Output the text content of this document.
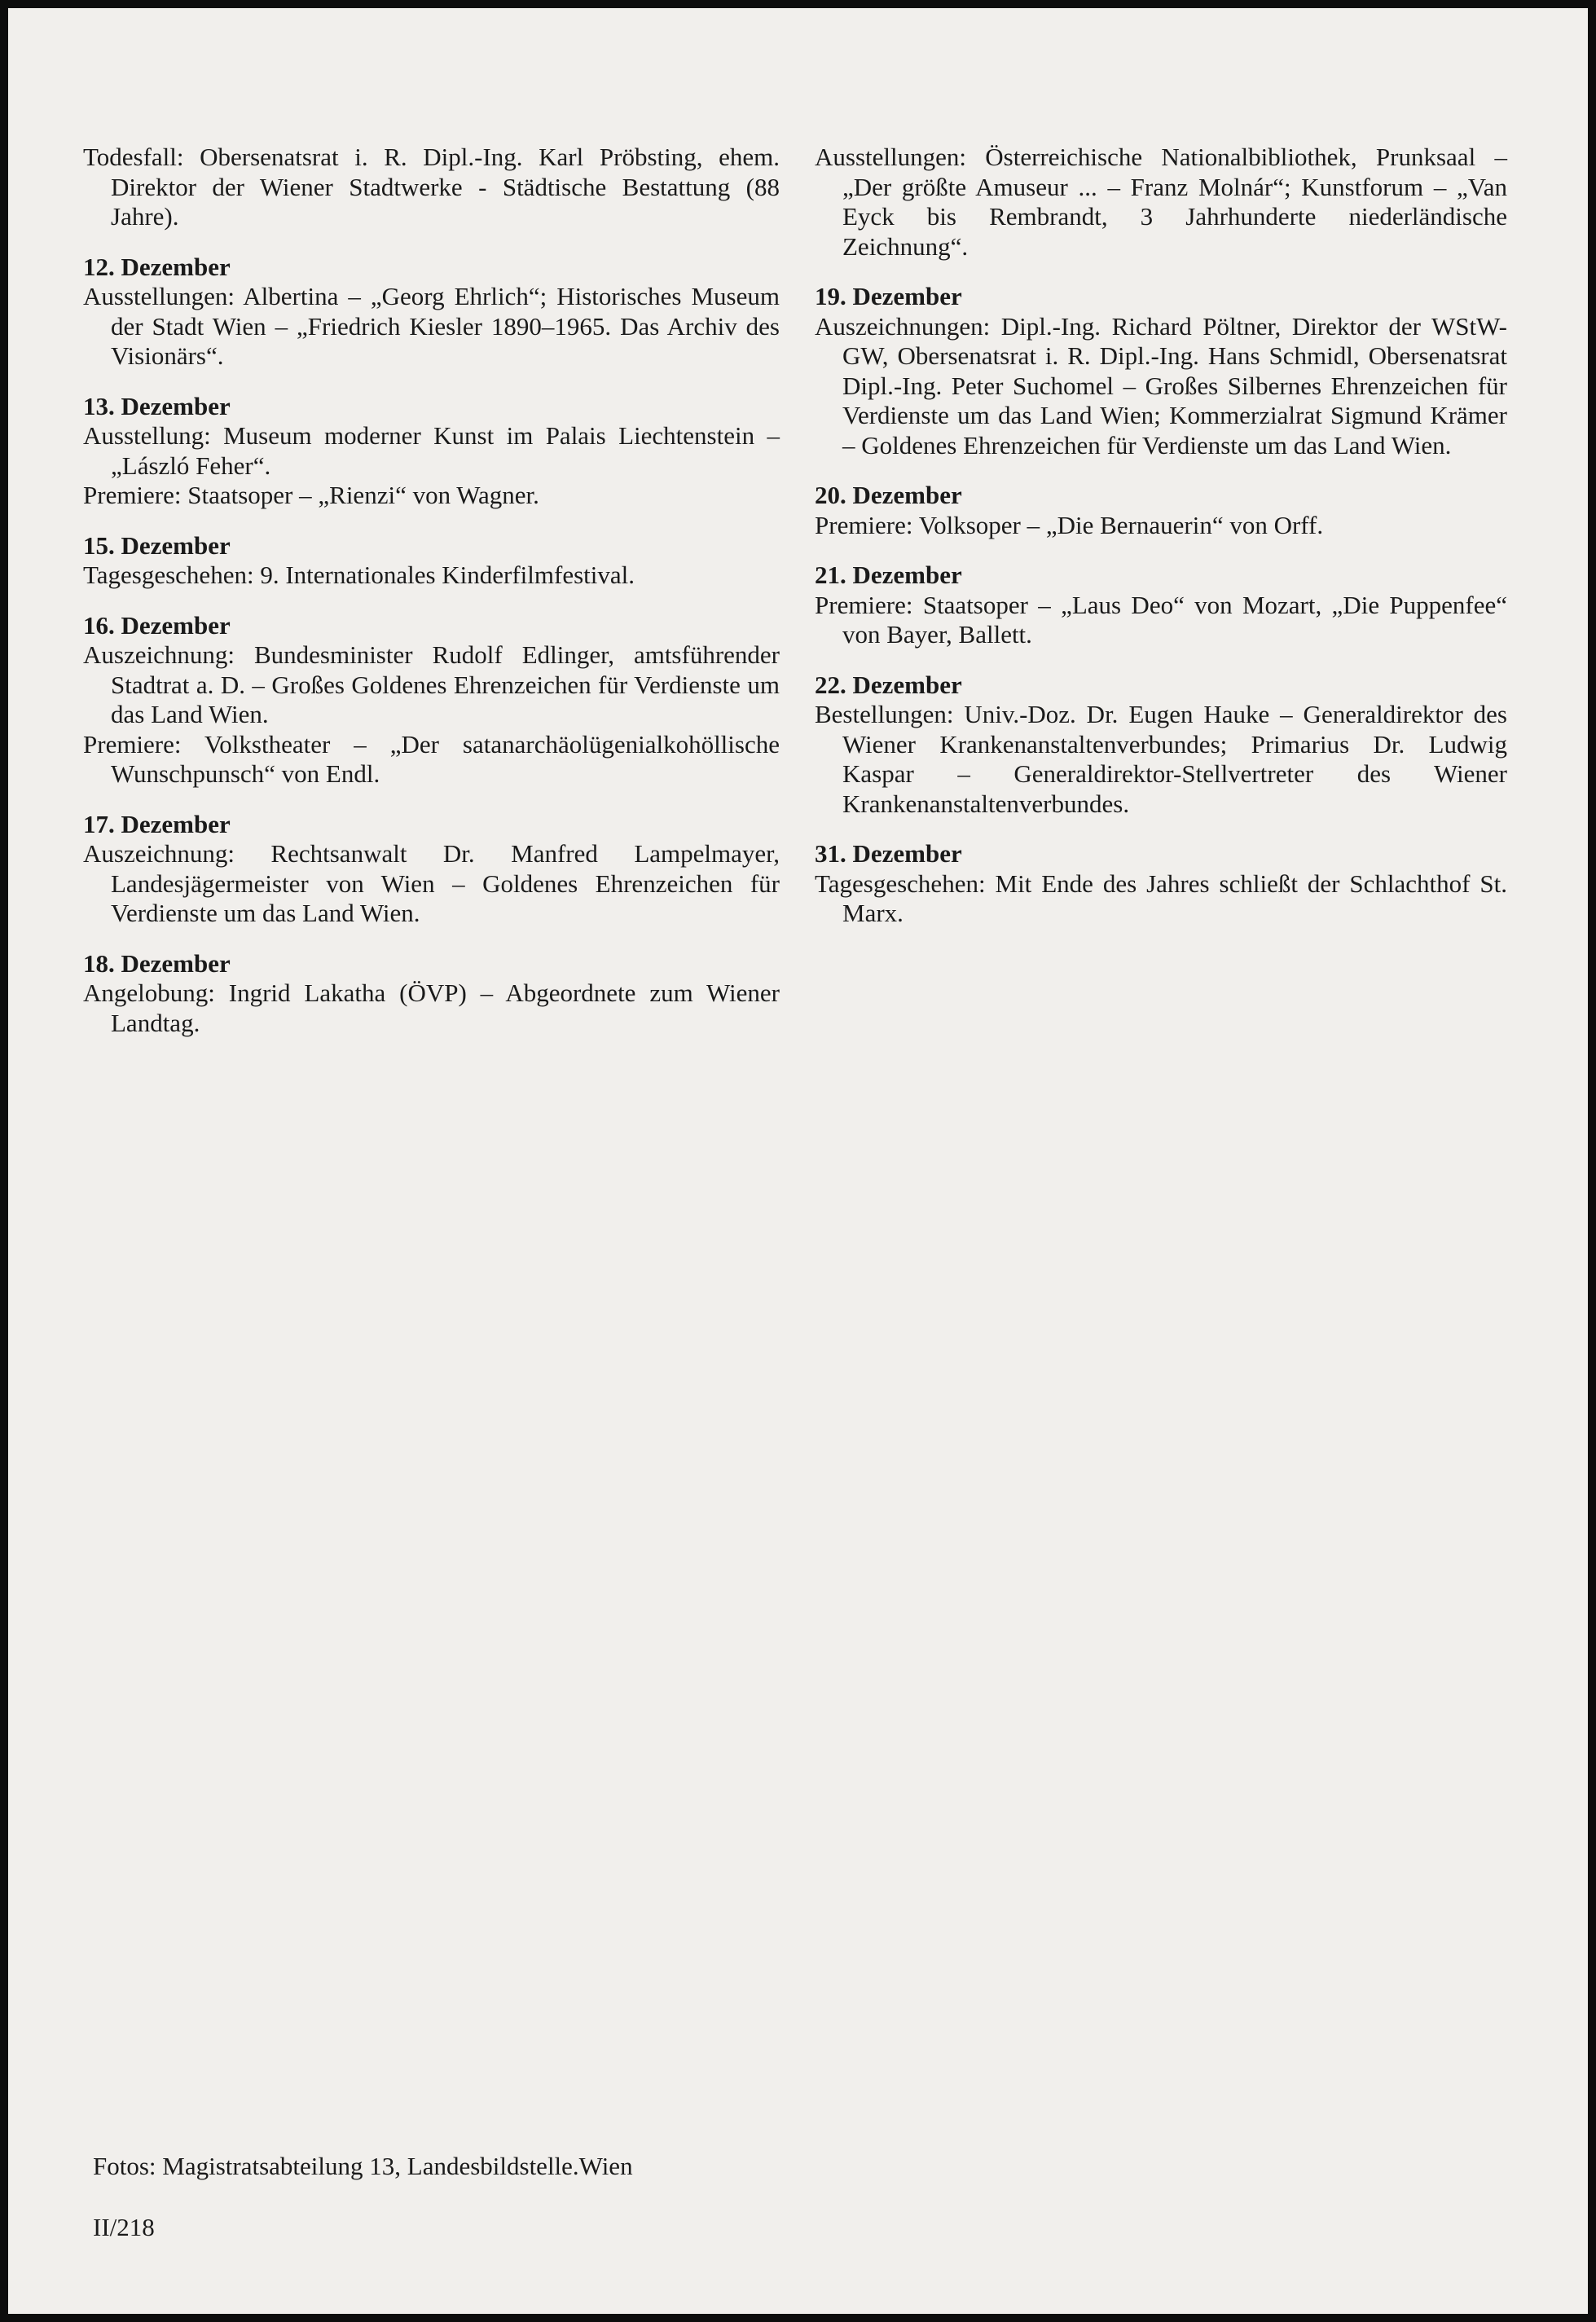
Todesfall: Obersenatsrat i. R. Dipl.-Ing. Karl Pröbsting, ehem. Direktor der Wiener Stadtwerke - Städtische Bestattung (88 Jahre).

12. Dezember

Ausstellungen: Albertina – „Georg Ehrlich“; Historisches Museum der Stadt Wien – „Friedrich Kiesler 1890–1965. Das Archiv des Visionärs“.

13. Dezember

Ausstellung: Museum moderner Kunst im Palais Liechtenstein – „László Feher“.

Premiere: Staatsoper – „Rienzi“ von Wagner.

15. Dezember

Tagesgeschehen: 9. Internationales Kinderfilmfestival.

16. Dezember

Auszeichnung: Bundesminister Rudolf Edlinger, amtsführender Stadtrat a. D. – Großes Goldenes Ehrenzeichen für Verdienste um das Land Wien.

Premiere: Volkstheater – „Der satanarchäolügenialkohöllische Wunschpunsch“ von Endl.

17. Dezember

Auszeichnung: Rechtsanwalt Dr. Manfred Lampelmayer, Landesjägermeister von Wien – Goldenes Ehrenzeichen für Verdienste um das Land Wien.

18. Dezember

Angelobung: Ingrid Lakatha (ÖVP) – Abgeordnete zum Wiener Landtag.

Ausstellungen: Österreichische Nationalbibliothek, Prunksaal – „Der größte Amuseur ... – Franz Molnár“; Kunstforum – „Van Eyck bis Rembrandt, 3 Jahrhunderte niederländische Zeichnung“.

19. Dezember

Auszeichnungen: Dipl.-Ing. Richard Pöltner, Direktor der WStW-GW, Obersenatsrat i. R. Dipl.-Ing. Hans Schmidl, Obersenatsrat Dipl.-Ing. Peter Suchomel – Großes Silbernes Ehrenzeichen für Verdienste um das Land Wien; Kommerzialrat Sigmund Krämer – Goldenes Ehrenzeichen für Verdienste um das Land Wien.

20. Dezember

Premiere: Volksoper – „Die Bernauerin“ von Orff.

21. Dezember

Premiere: Staatsoper – „Laus Deo“ von Mozart, „Die Puppenfee“ von Bayer, Ballett.

22. Dezember

Bestellungen: Univ.-Doz. Dr. Eugen Hauke – Generaldirektor des Wiener Krankenanstaltenverbundes; Primarius Dr. Ludwig Kaspar – Generaldirektor-Stellvertreter des Wiener Krankenanstaltenverbundes.

31. Dezember

Tagesgeschehen: Mit Ende des Jahres schließt der Schlachthof St. Marx.

Fotos: Magistratsabteilung 13, Landesbildstelle.Wien
II/218
